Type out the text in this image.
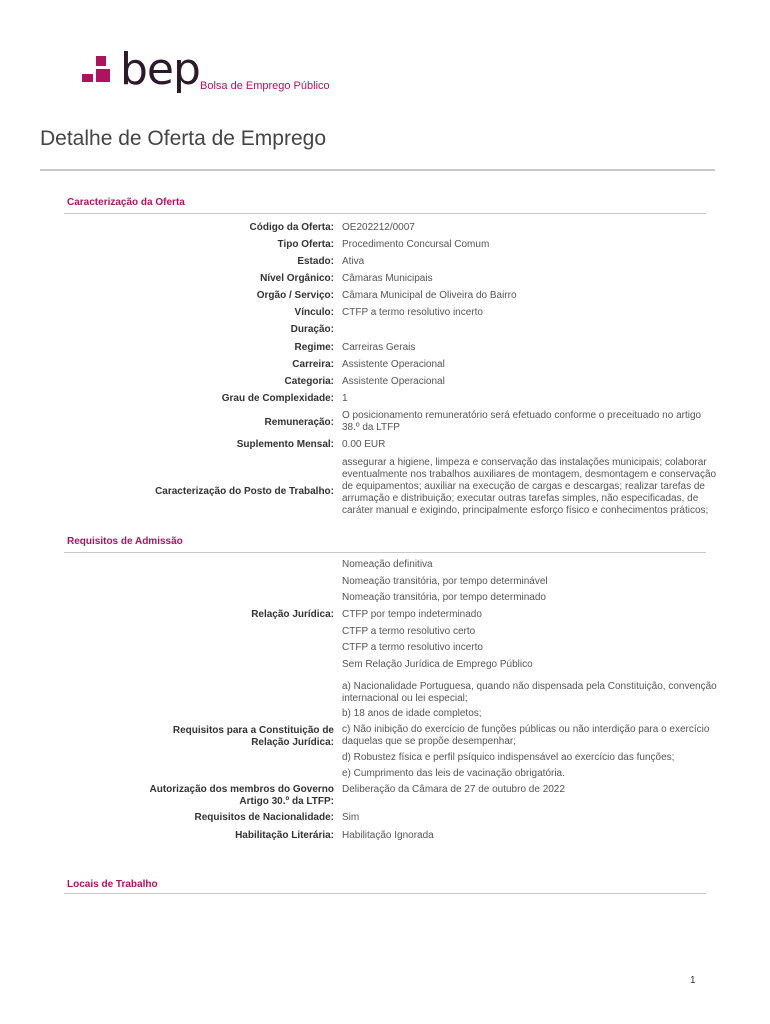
bep Bolsa de Emprego Público
Detalhe de Oferta de Emprego
Caracterização da Oferta
Código da Oferta: OE202212/0007
Tipo Oferta: Procedimento Concursal Comum
Estado: Ativa
Nível Orgânico: Câmaras Municipais
Orgão / Serviço: Câmara Municipal de Oliveira do Bairro
Vínculo: CTFP a termo resolutivo incerto
Duração:
Regime: Carreiras Gerais
Carreira: Assistente Operacional
Categoria: Assistente Operacional
Grau de Complexidade: 1
Remuneração:
O posicionamento remuneratório será efetuado conforme o preceituado no artigo 38.º da LTFP
Suplemento Mensal: 0.00 EUR
Caracterização do Posto de Trabalho:
assegurar a higiene, limpeza e conservação das instalações municipais; colaborar eventualmente nos trabalhos auxiliares de montagem, desmontagem e conservação de equipamentos; auxiliar na execução de cargas e descargas; realizar tarefas de arrumação e distribuição; executar outras tarefas simples, não especificadas, de caráter manual e exigindo, principalmente esforço físico e conhecimentos práticos;
Requisitos de Admissão
Relação Jurídica:
Nomeação definitiva
Nomeação transitória, por tempo determinável
Nomeação transitória, por tempo determinado
CTFP por tempo indeterminado
CTFP a termo resolutivo certo
CTFP a termo resolutivo incerto
Sem Relação Jurídica de Emprego Público
Requisitos para a Constituição de
Relação Jurídica:
a) Nacionalidade Portuguesa, quando não dispensada pela Constituição, convenção internacional ou lei especial;
b) 18 anos de idade completos;
c) Não inibição do exercício de funções públicas ou não interdição para o exercício daquelas que se propõe desempenhar;
d) Robustez física e perfil psíquico indispensável ao exercício das funções;
e) Cumprimento das leis de vacinação obrigatória.
Autorização dos membros do Governo
Artigo 30.º da LTFP:
Deliberação da Câmara de 27 de outubro de 2022
Requisitos de Nacionalidade: Sim
Habilitação Literária: Habilitação Ignorada
Locais de Trabalho
1
